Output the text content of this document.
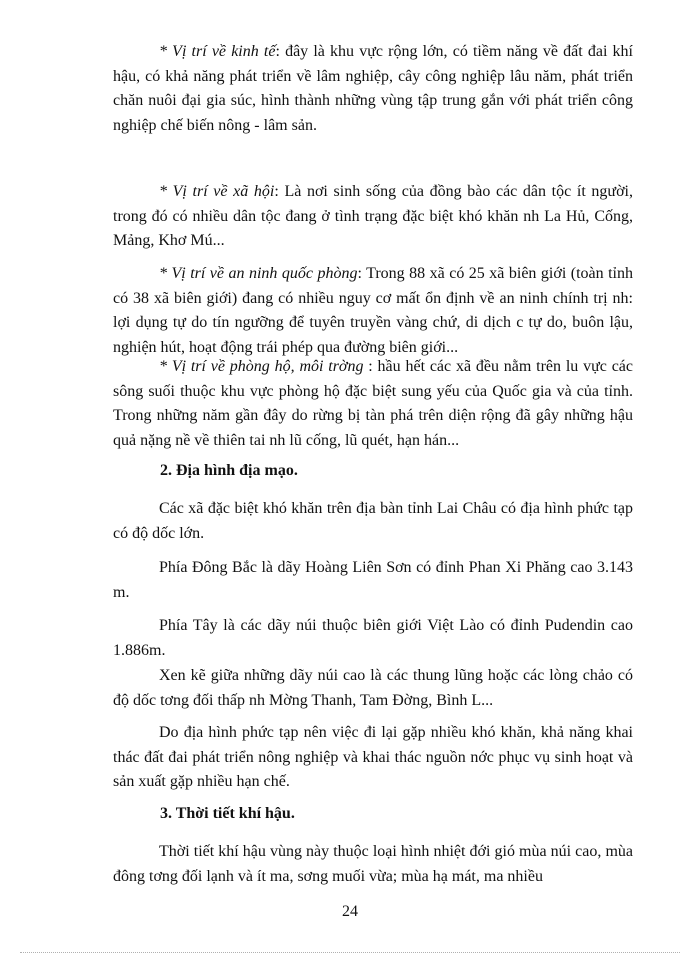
* Vị trí về kinh tế: đây là khu vực rộng lớn, có tiềm năng về đất đai khí hậu, có khả năng phát triển về lâm nghiệp, cây công nghiệp lâu năm, phát triển chăn nuôi đại gia súc, hình thành những vùng tập trung gắn với phát triển công nghiệp chế biến nông - lâm sản.

* Vị trí về xã hội: Là nơi sinh sống của đồng bào các dân tộc ít người, trong đó có nhiều dân tộc đang ở tình trạng đặc biệt khó khăn nh La Hủ, Cống, Mảng, Khơ Mú...

* Vị trí về an ninh quốc phòng: Trong 88 xã có 25 xã biên giới (toàn tỉnh có 38 xã biên giới) đang có nhiều nguy cơ mất ổn định về an ninh chính trị nh: lợi dụng tự do tín ngưỡng để tuyên truyền vàng chứ, di dịch c tự do, buôn lậu, nghiện hút, hoạt động trái phép qua đường biên giới...

* Vị trí về phòng hộ, môi trờng : hầu hết các xã đều nằm trên lu vực các sông suối thuộc khu vực phòng hộ đặc biệt sung yếu của Quốc gia và của tỉnh. Trong những năm gần đây do rừng bị tàn phá trên diện rộng đã gây những hậu quả nặng nề về thiên tai nh lũ cống, lũ quét, hạn hán...

2. Địa hình địa mạo.

Các xã đặc biệt khó khăn trên địa bàn tỉnh Lai Châu có địa hình phức tạp có độ dốc lớn.

Phía Đông Bắc là dãy Hoàng Liên Sơn có đỉnh Phan Xi Phăng cao 3.143 m.

Phía Tây là các dãy núi thuộc biên giới Việt Lào có đỉnh Pudendin cao 1.886m.

Xen kẽ giữa những dãy núi cao là các thung lũng hoặc các lòng chảo có độ dốc tơng đối thấp nh Mờng Thanh, Tam Đờng, Bình L...

Do địa hình phức tạp nên việc đi lại gặp nhiều khó khăn, khả năng khai thác đất đai phát triển nông nghiệp và khai thác nguồn nớc phục vụ sinh hoạt và sản xuất gặp nhiều hạn chế.

3. Thời tiết khí hậu.

Thời tiết khí hậu vùng này thuộc loại hình nhiệt đới gió mùa núi cao, mùa đông tơng đối lạnh và ít ma, sơng muối vừa; mùa hạ mát, ma nhiều

24
